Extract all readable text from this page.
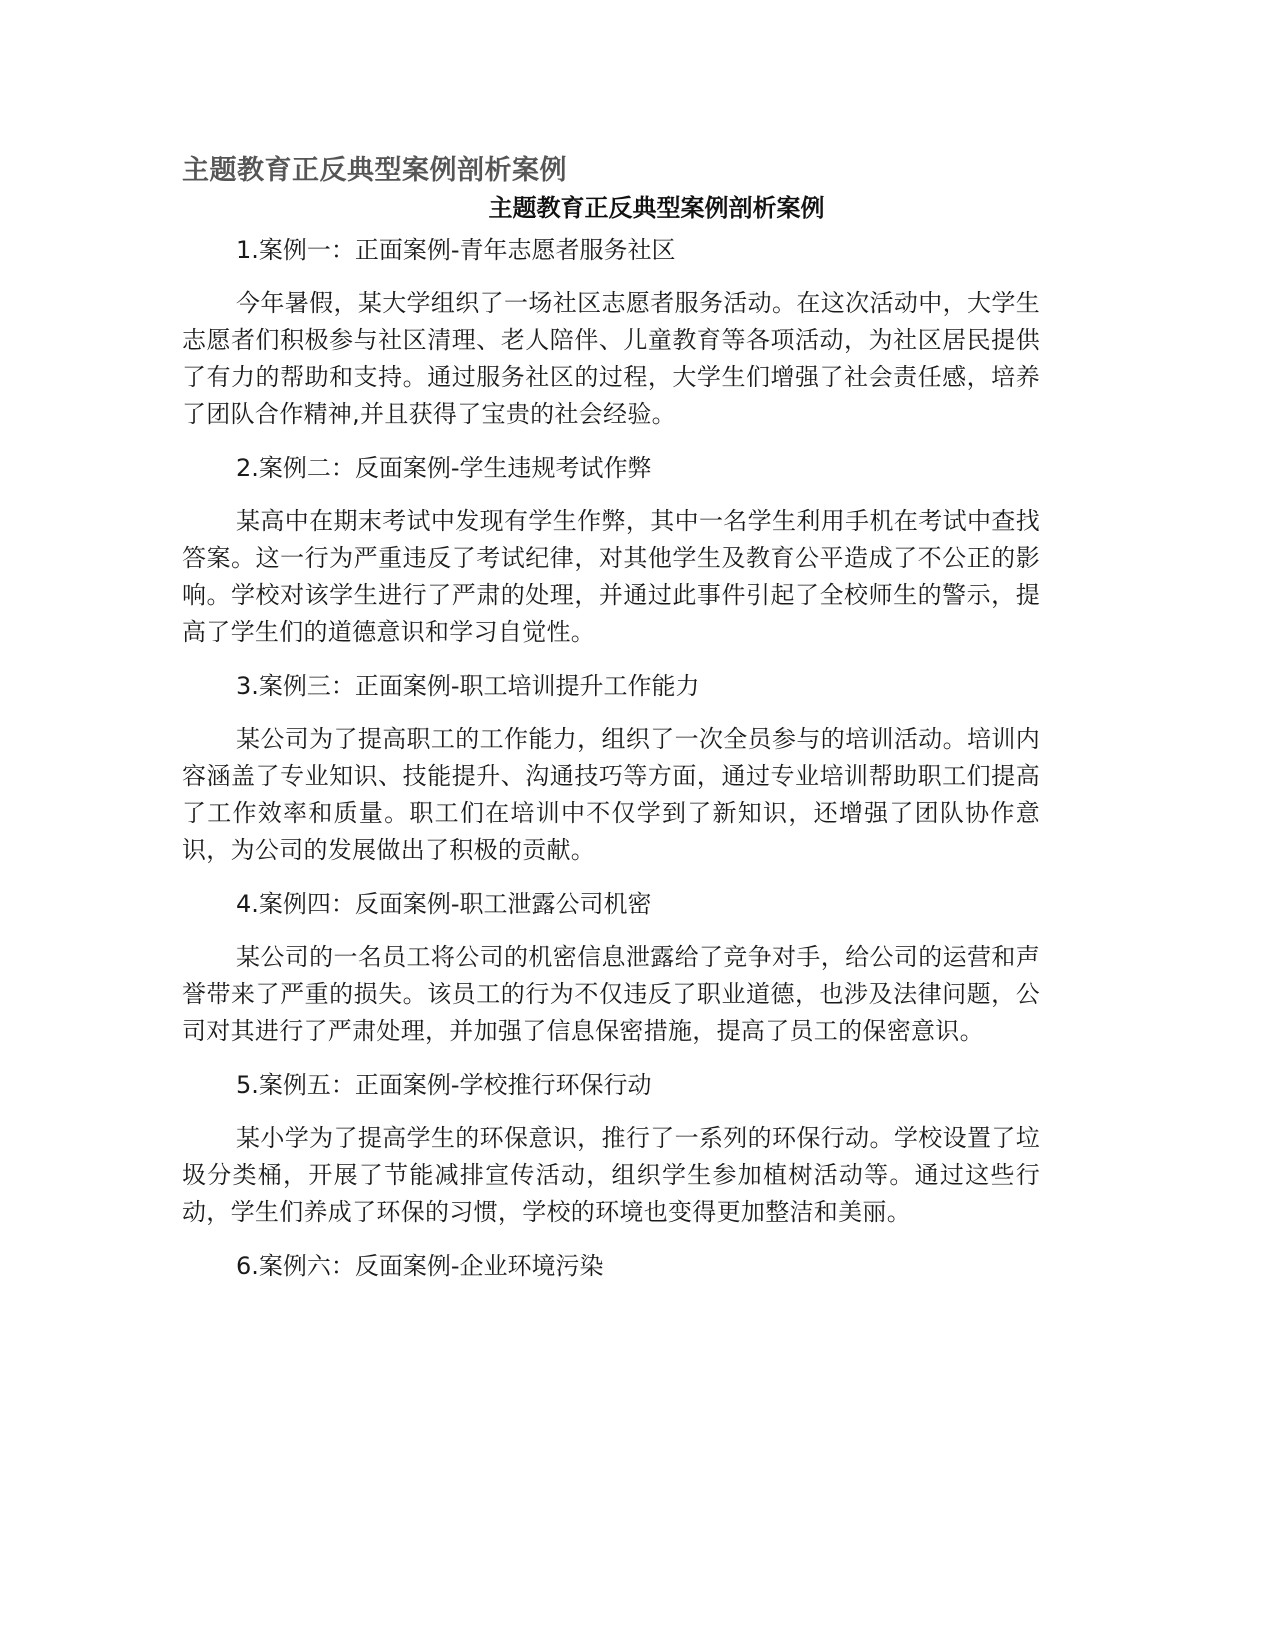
主题教育正反典型案例剖析案例
主题教育正反典型案例剖析案例

1.案例一：正面案例-青年志愿者服务社区

今年暑假，某大学组织了一场社区志愿者服务活动。在这次活动中，大学生志愿者们积极参与社区清理、老人陪伴、儿童教育等各项活动，为社区居民提供了有力的帮助和支持。通过服务社区的过程，大学生们增强了社会责任感，培养了团队合作精神,并且获得了宝贵的社会经验。

2.案例二：反面案例-学生违规考试作弊

某高中在期末考试中发现有学生作弊，其中一名学生利用手机在考试中查找答案。这一行为严重违反了考试纪律，对其他学生及教育公平造成了不公正的影响。学校对该学生进行了严肃的处理，并通过此事件引起了全校师生的警示，提高了学生们的道德意识和学习自觉性。

3.案例三：正面案例-职工培训提升工作能力

某公司为了提高职工的工作能力，组织了一次全员参与的培训活动。培训内容涵盖了专业知识、技能提升、沟通技巧等方面，通过专业培训帮助职工们提高了工作效率和质量。职工们在培训中不仅学到了新知识，还增强了团队协作意识，为公司的发展做出了积极的贡献。

4.案例四：反面案例-职工泄露公司机密

某公司的一名员工将公司的机密信息泄露给了竞争对手，给公司的运营和声誉带来了严重的损失。该员工的行为不仅违反了职业道德，也涉及法律问题，公司对其进行了严肃处理，并加强了信息保密措施，提高了员工的保密意识。

5.案例五：正面案例-学校推行环保行动

某小学为了提高学生的环保意识，推行了一系列的环保行动。学校设置了垃圾分类桶，开展了节能减排宣传活动，组织学生参加植树活动等。通过这些行动，学生们养成了环保的习惯，学校的环境也变得更加整洁和美丽。

6.案例六：反面案例-企业环境污染
